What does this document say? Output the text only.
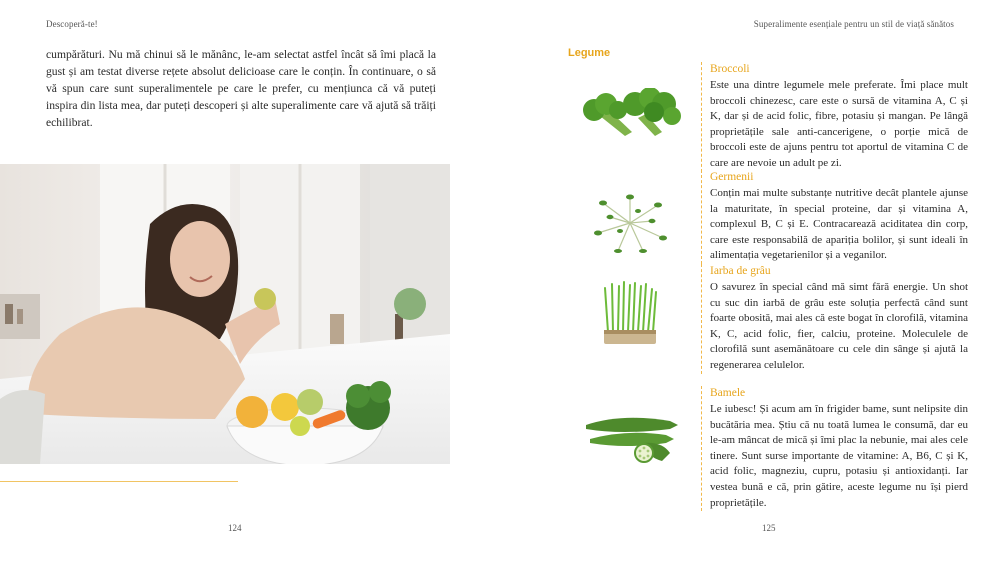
Descoperă-te!

cumpărături. Nu mă chinui să le mănânc, le-am selectat astfel încât să îmi placă la gust și am testat diverse rețete absolut delicioase care le conțin. În continuare, o să vă spun care sunt superalimentele pe care le prefer, cu mențiunca că vă puteți inspira din lista mea, dar puteți descoperi și alte superalimente care vă ajută să trăiți echilibrat.

124
Superalimente esențiale pentru un stil de viață sănătos
Legume
Broccoli
Este una dintre legumele mele preferate. Îmi place mult broccoli chinezesc, care este o sursă de vitamina A, C și K, dar și de acid folic, fibre, potasiu și mangan. Pe lângă proprietățile sale anti-cancerigene, o porție mică de broccoli este de ajuns pentru tot aportul de vitamina C de care are nevoie un adult pe zi.
Germenii
Conțin mai multe substanțe nutritive decât plantele ajunse la maturitate, în special proteine, dar și vitamina A, complexul B, C și E. Contracarează aciditatea din corp, care este responsabilă de apariția bolilor, și sunt ideali în alimentația vegetarienilor și a veganilor.
Iarba de grâu
O savurez în special când mă simt fără energie. Un shot cu suc din iarbă de grâu este soluția perfectă când sunt foarte obosită, mai ales că este bogat în clorofilă, vitamina K, C, acid folic, fier, calciu, proteine. Moleculele de clorofilă sunt asemănătoare cu cele din sânge și ajută la regenerarea celulelor.
Bamele
Le iubesc! Și acum am în frigider bame, sunt nelipsite din bucătăria mea. Știu că nu toată lumea le consumă, dar eu le-am mâncat de mică și îmi plac la nebunie, mai ales cele tinere. Sunt surse importante de vitamine: A, B6, C și K, acid folic, magneziu, cupru, potasiu și antioxidanți. Iar vestea bună e că, prin gătire, aceste legume nu își pierd proprietățile.
125
